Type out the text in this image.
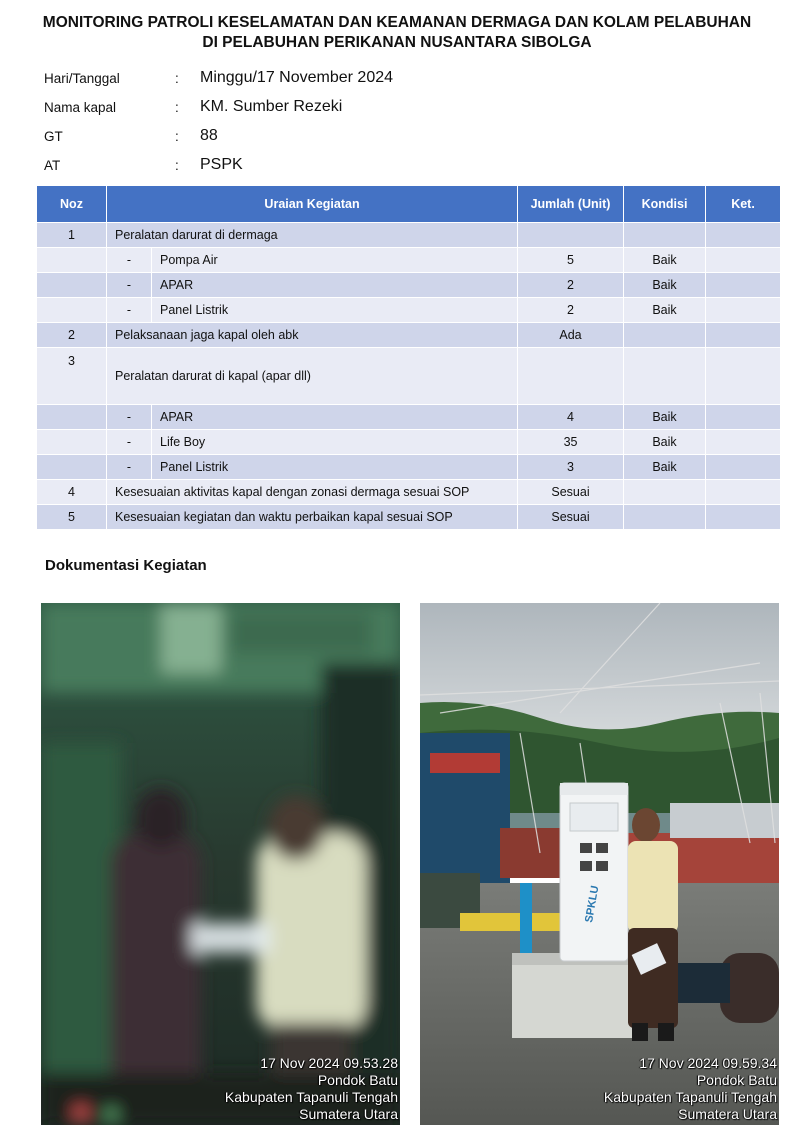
MONITORING PATROLI KESELAMATAN DAN KEAMANAN DERMAGA DAN KOLAM PELABUHAN
DI PELABUHAN PERIKANAN NUSANTARA SIBOLGA
Hari/Tanggal	: Minggu/17 November 2024
Nama kapal	: KM. Sumber Rezeki
GT	: 88
AT	: PSPK
Noz	Uraian Kegiatan		Jumlah (Unit)	Kondisi	Ket.
1	Peralatan darurat di dermaga				
	-	Pompa Air	5	Baik	
	-	APAR	2	Baik	
	-	Panel Listrik	2	Baik	
2	Pelaksanaan jaga kapal oleh abk		Ada		
3	Peralatan darurat di kapal (apar dll)				
	-	APAR	4	Baik	
	-	Life Boy	35	Baik	
	-	Panel Listrik	3	Baik	
4	Kesesuaian aktivitas kapal dengan zonasi dermaga sesuai SOP		Sesuai		
5	Kesesuaian kegiatan dan waktu perbaikan kapal sesuai SOP		Sesuai		
Dokumentasi Kegiatan
17 Nov 2024 09.53.28
Pondok Batu
Kabupaten Tapanuli Tengah
Sumatera Utara
SPKLU
17 Nov 2024 09.59.34
Pondok Batu
Kabupaten Tapanuli Tengah
Sumatera Utara
